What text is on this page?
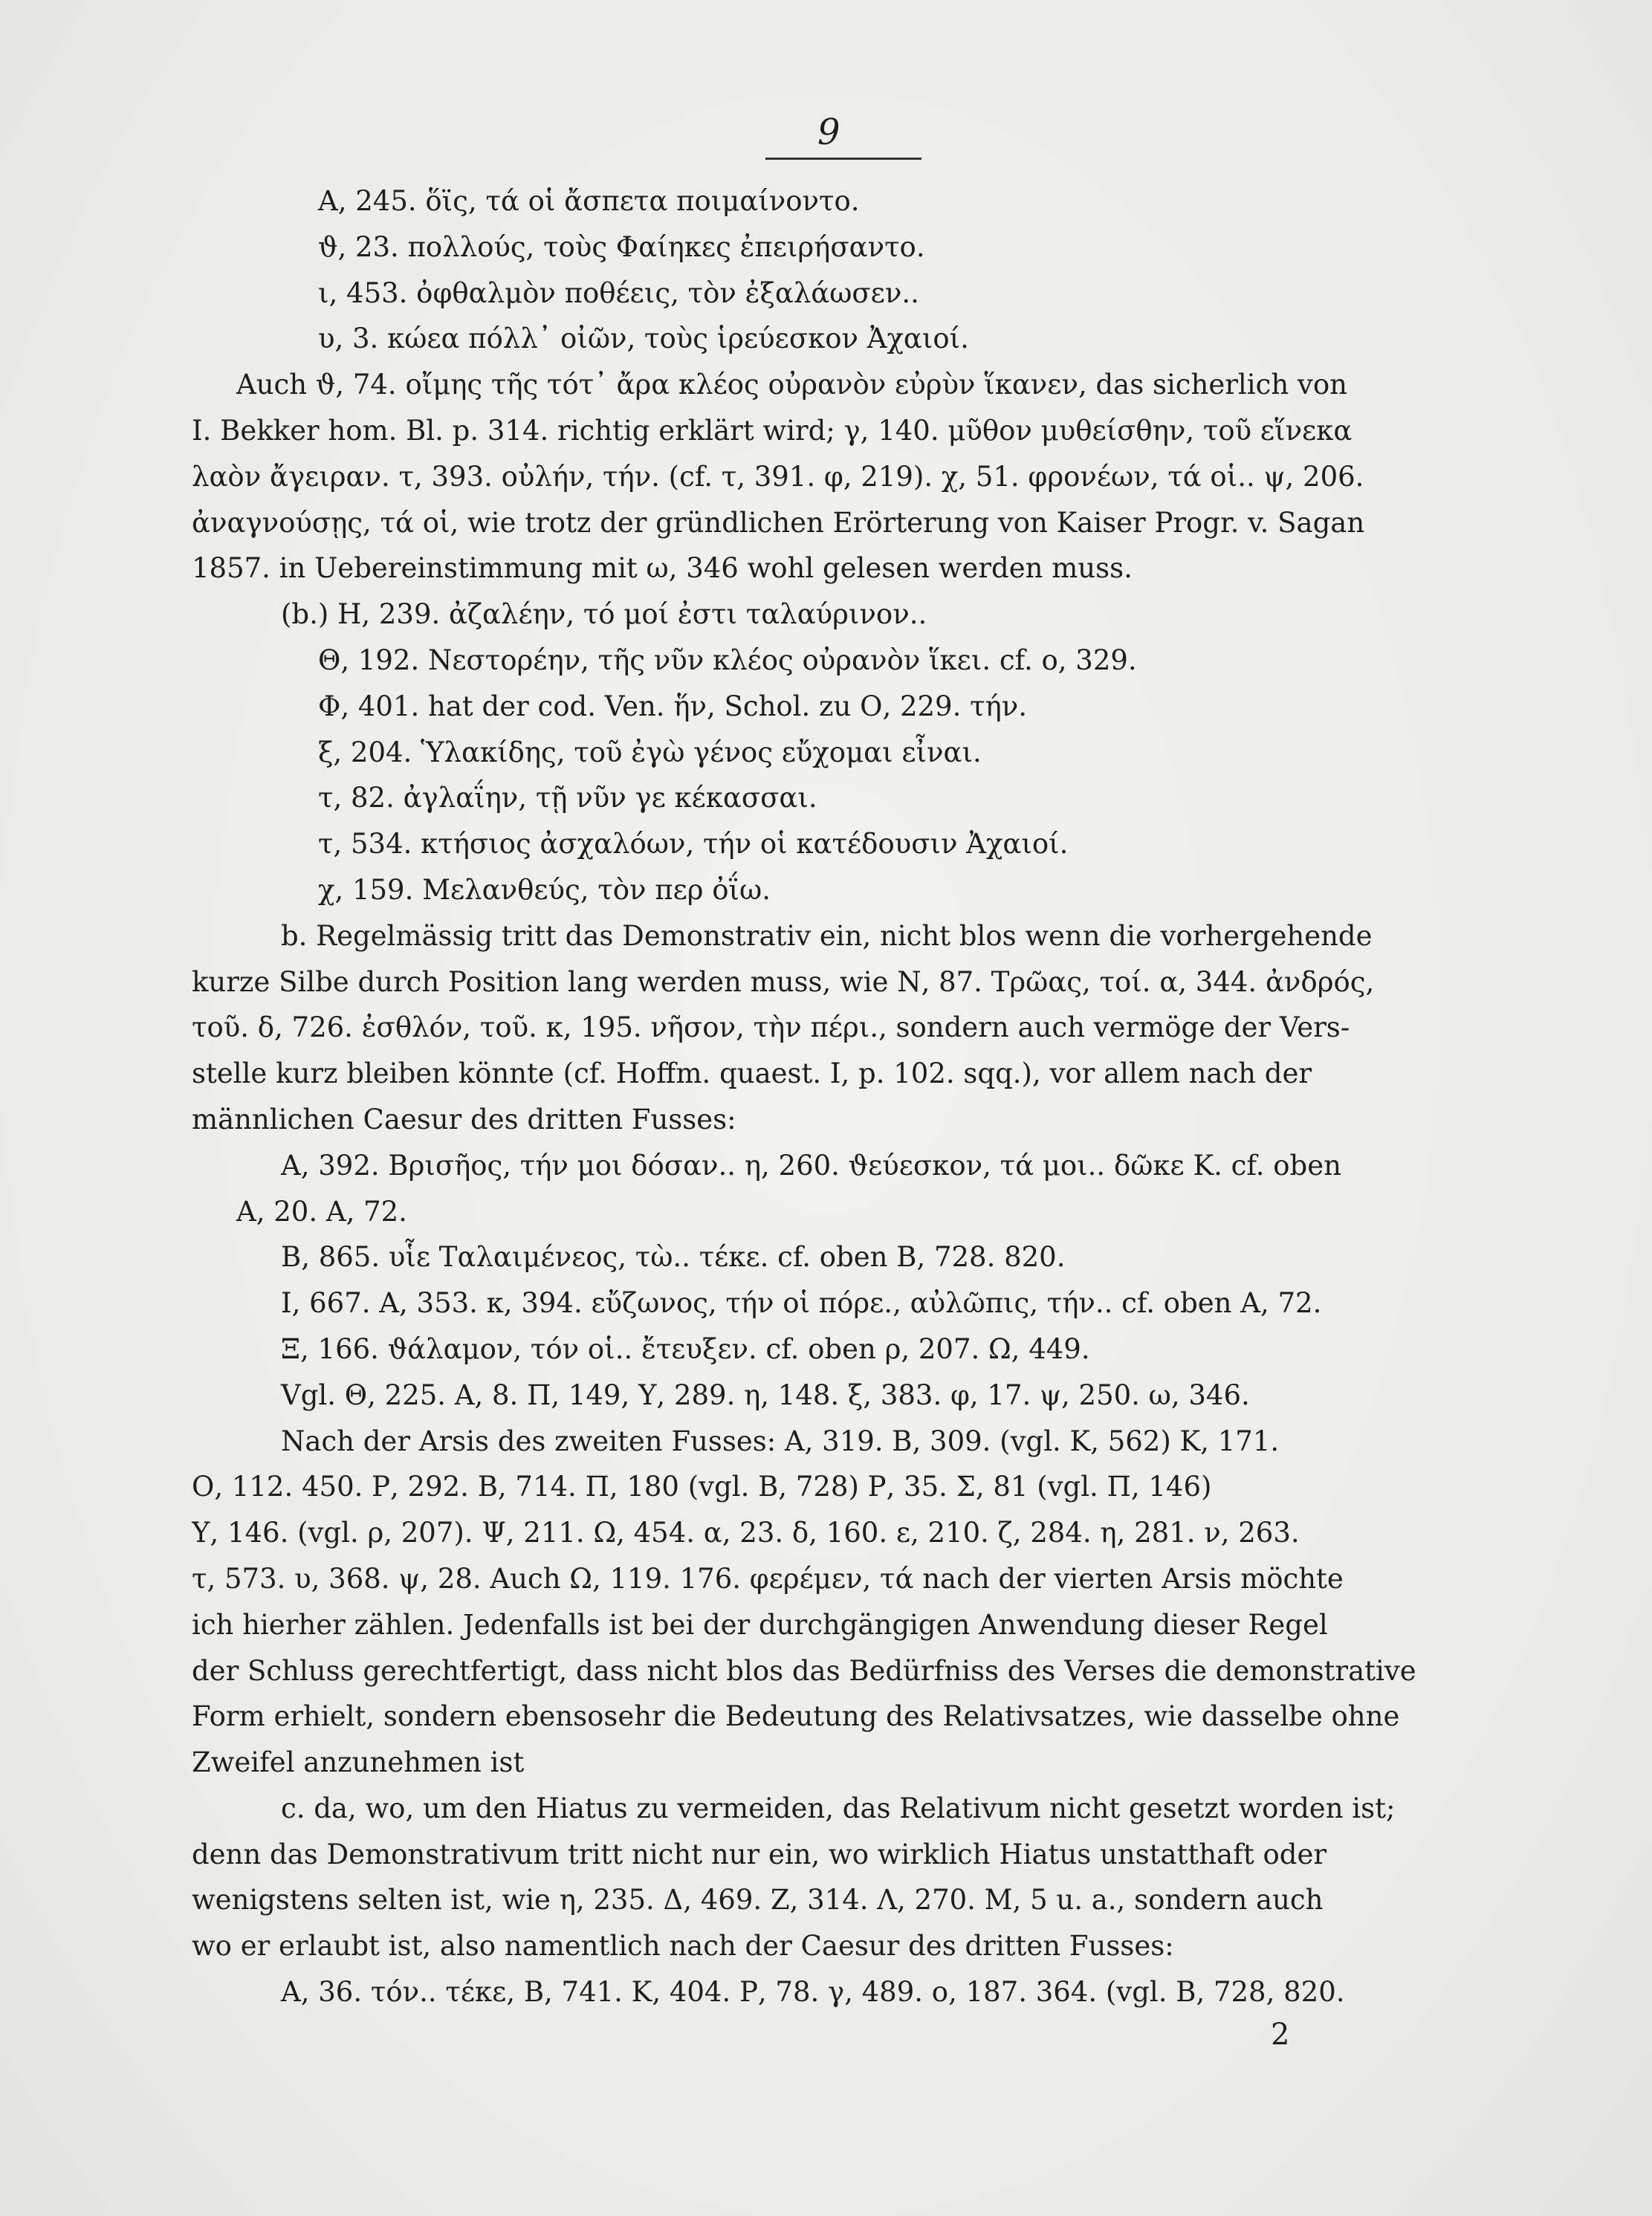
9
Α, 245. ὅϊς, τά οἱ ἄσπετα ποιμαίνοντο.
ϑ, 23. πολλούς, τοὺς Φαίηκες ἐπειρήσαντο.
ι, 453. ὀφθαλμὸν ποθέεις, τὸν ἐξαλάωσεν..
υ, 3. κώεα πόλλ᾽ οἰῶν, τοὺς ἱρεύεσκον Ἀχαιοί.
Auch ϑ, 74. οἴμης τῆς τότ᾽ ἄρα κλέος οὐρανὸν εὐρὺν ἵκανεν, das sicherlich von
I. Bekker hom. Bl. p. 314. richtig erklärt wird; γ, 140. μῦθον μυθείσθην, τοῦ εἵνεκα
λαὸν ἄγειραν. τ, 393. οὐλήν, τήν. (cf. τ, 391. φ, 219). χ, 51. φρονέων, τά οἱ.. ψ, 206.
ἀναγνούσῃς, τά οἱ, wie trotz der gründlichen Erörterung von Kaiser Progr. v. Sagan
1857. in Uebereinstimmung mit ω, 346 wohl gelesen werden muss.
(b.) Η, 239. ἀζαλέην, τό μοί ἐστι ταλαύρινον..
Θ, 192. Νεστορέην, τῆς νῦν κλέος οὐρανὸν ἵκει. cf. ο, 329.
Φ, 401. hat der cod. Ven. ἥν, Schol. zu Ο, 229. τήν.
ξ, 204. Ὑλακίδης, τοῦ ἐγὼ γένος εὔχομαι εἶναι.
τ, 82. ἀγλαΐην, τῇ νῦν γε κέκασσαι.
τ, 534. κτήσιος ἀσχαλόων, τήν οἱ κατέδουσιν Ἀχαιοί.
χ, 159. Μελανθεύς, τὸν περ ὀΐω.
b. Regelmässig tritt das Demonstrativ ein, nicht blos wenn die vorhergehende
kurze Silbe durch Position lang werden muss, wie Ν, 87. Τρῶας, τοί. α, 344. ἀνδρός,
τοῦ. δ, 726. ἐσθλόν, τοῦ. κ, 195. νῆσον, τὴν πέρι., sondern auch vermöge der Vers-
stelle kurz bleiben könnte (cf. Hoffm. quaest. I, p. 102. sqq.), vor allem nach der
männlichen Caesur des dritten Fusses:
Α, 392. Βρισῆος, τήν μοι δόσαν.. η, 260. ϑεύεσκον, τά μοι.. δῶκε Κ. cf. oben
Α, 20. Α, 72.
Β, 865. υἷε Ταλαιμένεος, τὼ.. τέκε. cf. oben Β, 728. 820.
Ι, 667. Α, 353. κ, 394. εὔζωνος, τήν οἱ πόρε., αὐλῶπις, τήν.. cf. oben Α, 72.
Ξ, 166. ϑάλαμον, τόν οἱ.. ἔτευξεν. cf. oben ρ, 207. Ω, 449.
Vgl. Θ, 225. Α, 8. Π, 149, Υ, 289. η, 148. ξ, 383. φ, 17. ψ, 250. ω, 346.
Nach der Arsis des zweiten Fusses: Α, 319. Β, 309. (vgl. Κ, 562) Κ, 171.
Ο, 112. 450. Ρ, 292. Β, 714. Π, 180 (vgl. Β, 728) Ρ, 35. Σ, 81 (vgl. Π, 146)
Υ, 146. (vgl. ρ, 207). Ψ, 211. Ω, 454. α, 23. δ, 160. ε, 210. ζ, 284. η, 281. ν, 263.
τ, 573. υ, 368. ψ, 28. Auch Ω, 119. 176. φερέμεν, τά nach der vierten Arsis möchte
ich hierher zählen. Jedenfalls ist bei der durchgängigen Anwendung dieser Regel
der Schluss gerechtfertigt, dass nicht blos das Bedürfniss des Verses die demonstrative
Form erhielt, sondern ebensosehr die Bedeutung des Relativsatzes, wie dasselbe ohne
Zweifel anzunehmen ist
c. da, wo, um den Hiatus zu vermeiden, das Relativum nicht gesetzt worden ist;
denn das Demonstrativum tritt nicht nur ein, wo wirklich Hiatus unstatthaft oder
wenigstens selten ist, wie η, 235. Δ, 469. Ζ, 314. Λ, 270. Μ, 5 u. a., sondern auch
wo er erlaubt ist, also namentlich nach der Caesur des dritten Fusses:
Α, 36. τόν.. τέκε, Β, 741. Κ, 404. Ρ, 78. γ, 489. ο, 187. 364. (vgl. Β, 728, 820.
2
